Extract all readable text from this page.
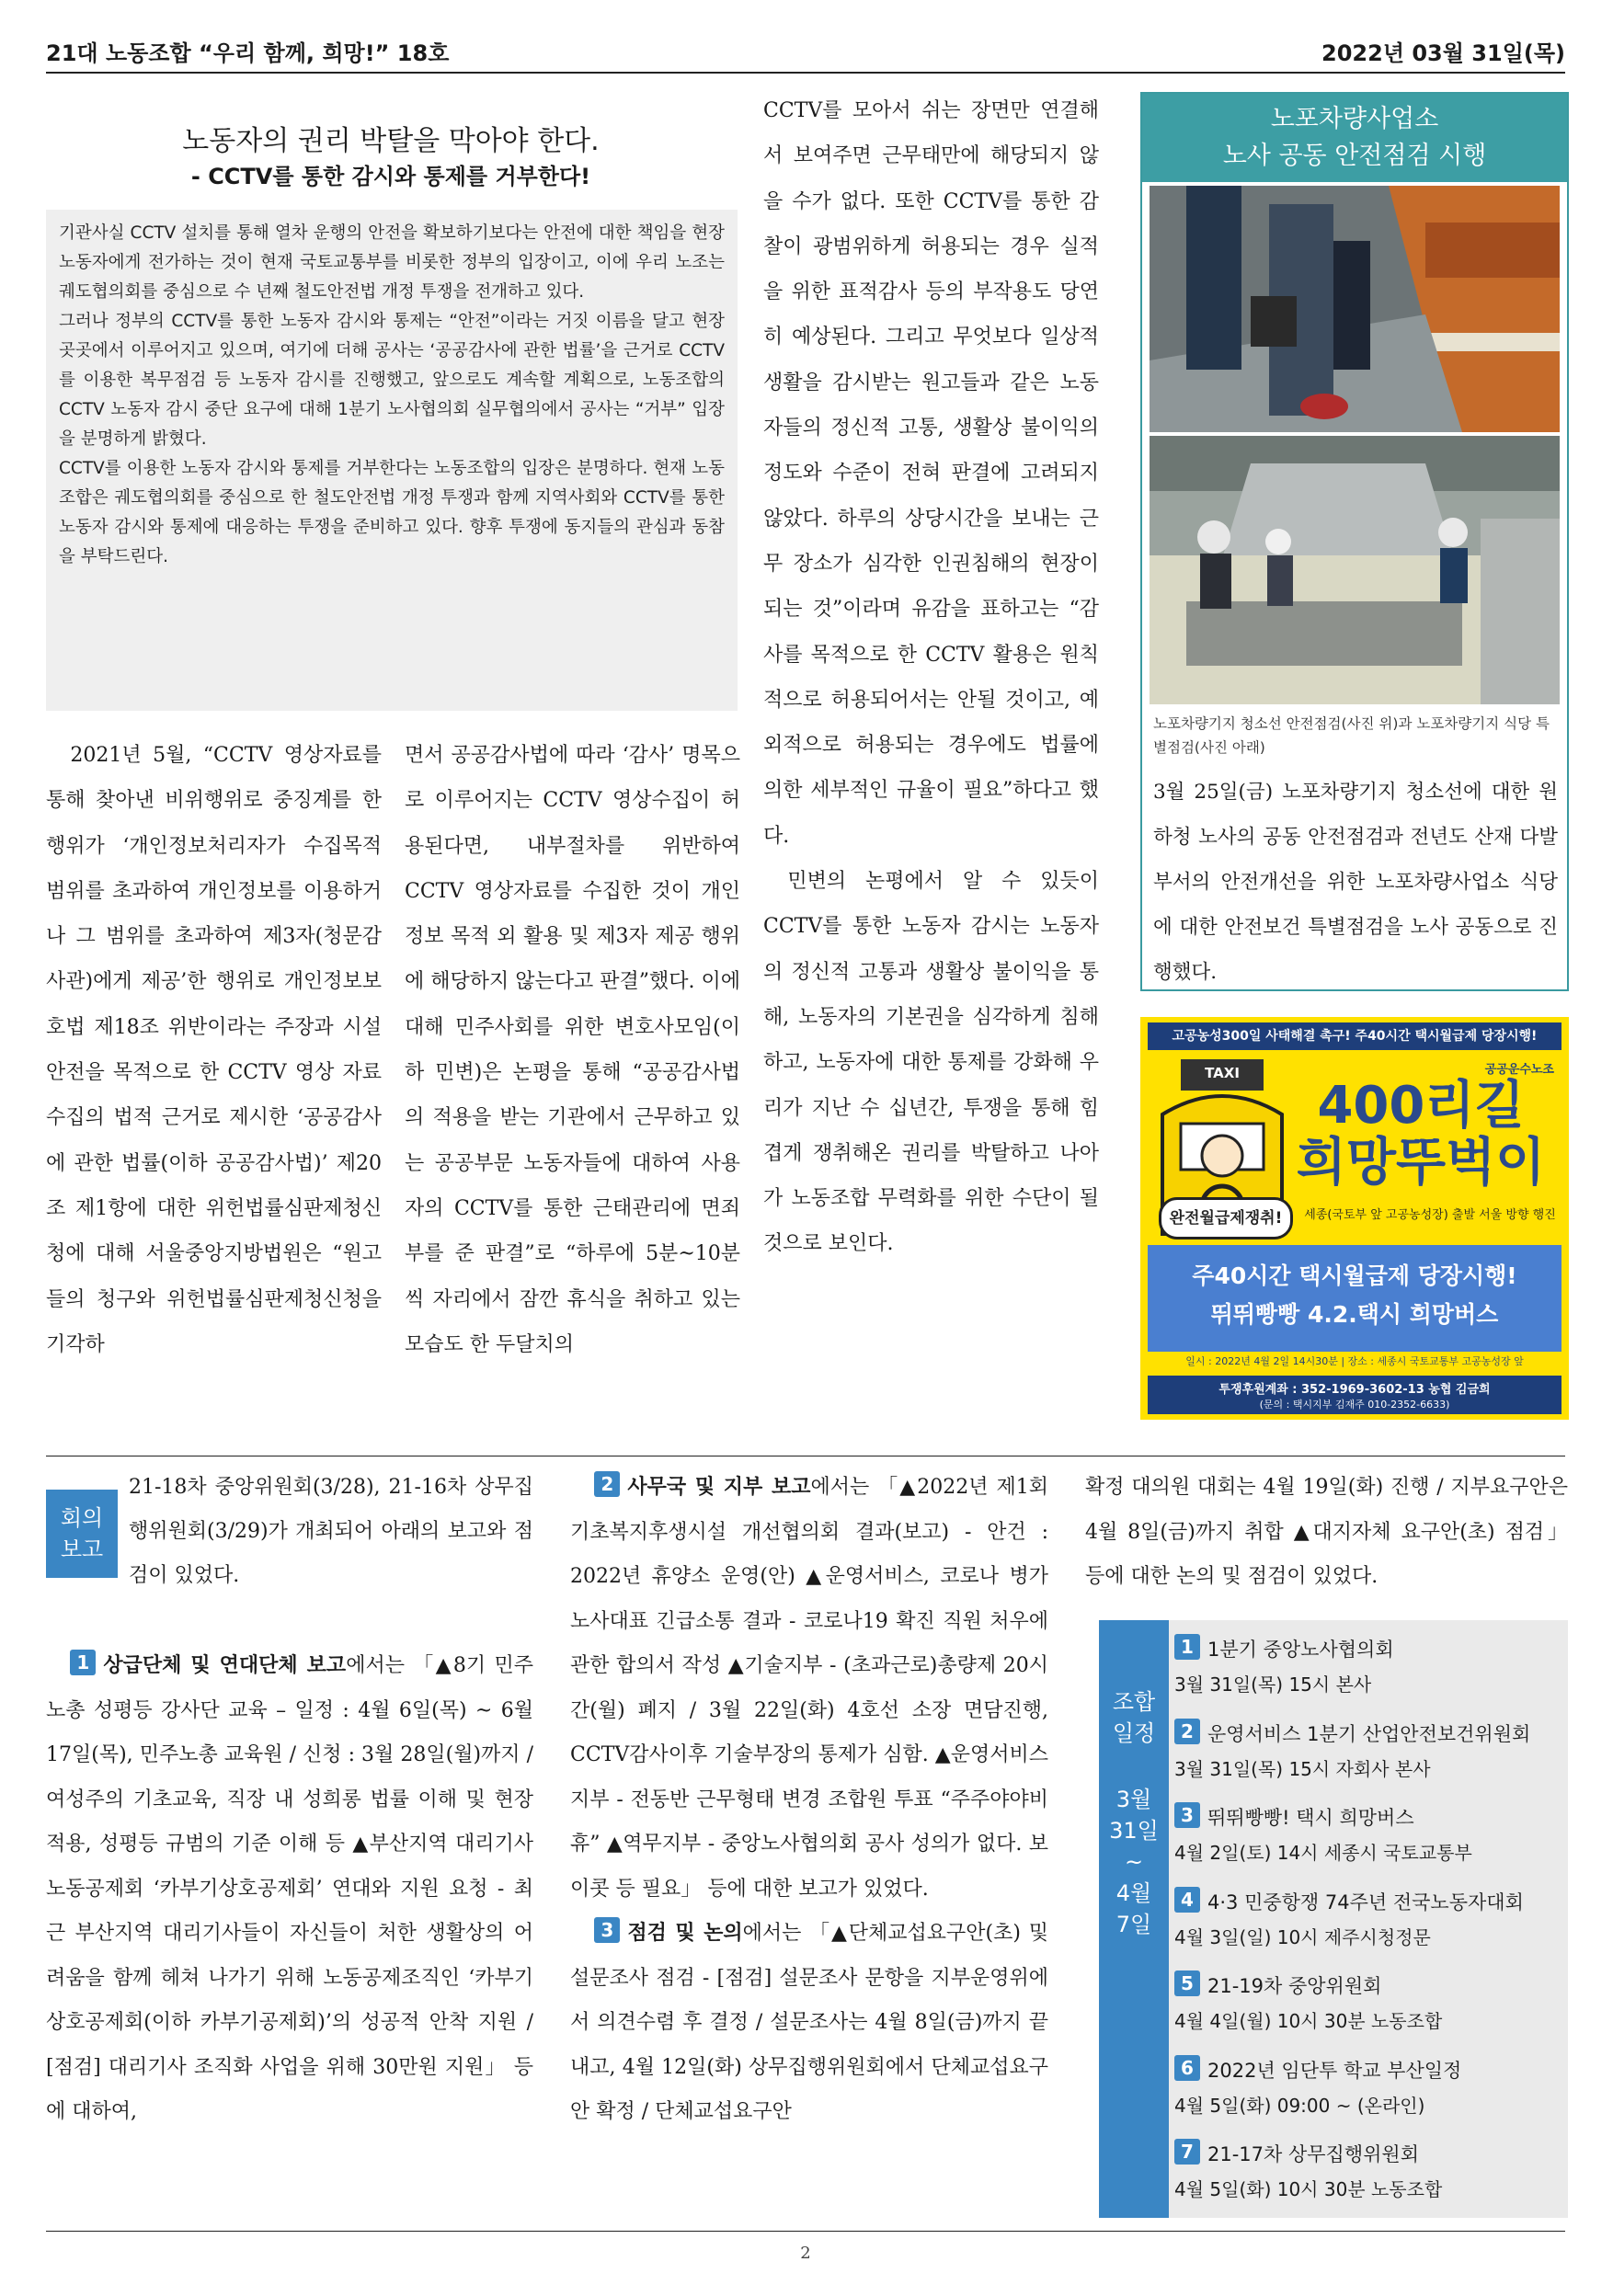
21대 노동조합 “우리 함께, 희망!” 18호	2022년 03월 31일(목)
노동자의 권리 박탈을 막아야 한다.
- CCTV를 통한 감시와 통제를 거부한다!

기관사실 CCTV 설치를 통해 열차 운행의 안전을 확보하기보다는 안전에 대한 책임을 현장 노동자에게 전가하는 것이 현재 국토교통부를 비롯한 정부의 입장이고, 이에 우리 노조는 궤도협의회를 중심으로 수 년째 철도안전법 개정 투쟁을 전개하고 있다.

그러나 정부의 CCTV를 통한 노동자 감시와 통제는 “안전”이라는 거짓 이름을 달고 현장 곳곳에서 이루어지고 있으며, 여기에 더해 공사는 ‘공공감사에 관한 법률’을 근거로 CCTV를 이용한 복무점검 등 노동자 감시를 진행했고, 앞으로도 계속할 계획으로, 노동조합의 CCTV 노동자 감시 중단 요구에 대해 1분기 노사협의회 실무협의에서 공사는 “거부” 입장을 분명하게 밝혔다.

CCTV를 이용한 노동자 감시와 통제를 거부한다는 노동조합의 입장은 분명하다. 현재 노동조합은 궤도협의회를 중심으로 한 철도안전법 개정 투쟁과 함께 지역사회와 CCTV를 통한 노동자 감시와 통제에 대응하는 투쟁을 준비하고 있다. 향후 투쟁에 동지들의 관심과 동참을 부탁드린다.

2021년 5월, “CCTV 영상자료를 통해 찾아낸 비위행위로 중징계를 한 행위가 ‘개인정보처리자가 수집목적 범위를 초과하여 개인정보를 이용하거나 그 범위를 초과하여 제3자(청문감사관)에게 제공’한 행위로 개인정보보호법 제18조 위반이라는 주장과 시설안전을 목적으로 한 CCTV 영상 자료 수집의 법적 근거로 제시한 ‘공공감사에 관한 법률(이하 공공감사법)’ 제20조 제1항에 대한 위헌법률심판제청신청에 대해 서울중앙지방법원은 “원고들의 청구와 위헌법률심판제청신청을 기각하

면서 공공감사법에 따라 ‘감사’ 명목으로 이루어지는 CCTV 영상수집이 허용된다면, 내부절차를 위반하여 CCTV 영상자료를 수집한 것이 개인정보 목적 외 활용 및 제3자 제공 행위에 해당하지 않는다고 판결”했다. 이에 대해 민주사회를 위한 변호사모임(이하 민변)은 논평을 통해 “공공감사법의 적용을 받는 기관에서 근무하고 있는 공공부문 노동자들에 대하여 사용자의 CCTV를 통한 근태관리에 면죄부를 준 판결”로 “하루에 5분~10분씩 자리에서 잠깐 휴식을 취하고 있는 모습도 한 두달치의

CCTV를 모아서 쉬는 장면만 연결해서 보여주면 근무태만에 해당되지 않을 수가 없다. 또한 CCTV를 통한 감찰이 광범위하게 허용되는 경우 실적을 위한 표적감사 등의 부작용도 당연히 예상된다. 그리고 무엇보다 일상적 생활을 감시받는 원고들과 같은 노동자들의 정신적 고통, 생활상 불이익의 정도와 수준이 전혀 판결에 고려되지 않았다. 하루의 상당시간을 보내는 근무 장소가 심각한 인권침해의 현장이 되는 것”이라며 유감을 표하고는 “감사를 목적으로 한 CCTV 활용은 원칙적으로 허용되어서는 안될 것이고, 예외적으로 허용되는 경우에도 법률에 의한 세부적인 규율이 필요”하다고 했다.

민변의 논평에서 알 수 있듯이 CCTV를 통한 노동자 감시는 노동자의 정신적 고통과 생활상 불이익을 통해, 노동자의 기본권을 심각하게 침해하고, 노동자에 대한 통제를 강화해 우리가 지난 수 십년간, 투쟁을 통해 힘겹게 쟁취해온 권리를 박탈하고 나아가 노동조합 무력화를 위한 수단이 될 것으로 보인다.

노포차량사업소
노사 공동 안전점검 시행
노포차량기지 청소선 안전점검(사진 위)과 노포차량기지 식당 특별점검(사진 아래)
3월 25일(금) 노포차량기지 청소선에 대한 원하청 노사의 공동 안전점검과 전년도 산재 다발부서의 안전개선을 위한 노포차량사업소 식당에 대한 안전보건 특별점검을 노사 공동으로 진행했다.
고공농성300일 사태해결 촉구! 주40시간 택시월급제 당장시행!
TAXI	공공운수노조
400리길
희망뚜벅이
완전월급제쟁취!	세종(국토부 앞 고공농성장) 출발 서울 방향 행진
주40시간 택시월급제 당장시행!
뛰뛰빵빵 4.2.택시 희망버스
일시 : 2022년 4월 2일 14시30분 | 장소 : 세종시 국토교통부 고공농성장 앞
투쟁후원계좌 : 352-1969-3602-13 농협 김금희
(문의 : 택시지부 김재주 010-2352-6633)
회의
보고
21-18차 중앙위원회(3/28), 21-16차 상무집행위원회(3/29)가 개최되어 아래의 보고와 점검이 있었다.

1 상급단체 및 연대단체 보고에서는 「▲8기 민주노총 성평등 강사단 교육 – 일정 : 4월 6일(목) ~ 6월 17일(목), 민주노총 교육원 / 신청 : 3월 28일(월)까지 / 여성주의 기초교육, 직장 내 성희롱 법률 이해 및 현장 적용, 성평등 규범의 기준 이해 등 ▲부산지역 대리기사 노동공제회 ‘카부기상호공제회’ 연대와 지원 요청 - 최근 부산지역 대리기사들이 자신들이 처한 생활상의 어려움을 함께 헤쳐 나가기 위해 노동공제조직인 ‘카부기상호공제회(이하 카부기공제회)’의 성공적 안착 지원 / [점검] 대리기사 조직화 사업을 위해 30만원 지원」 등에 대하여,

2 사무국 및 지부 보고에서는 「▲2022년 제1회 기초복지후생시설 개선협의회 결과(보고) - 안건 : 2022년 휴양소 운영(안) ▲운영서비스, 코로나 병가 노사대표 긴급소통 결과 - 코로나19 확진 직원 처우에 관한 합의서 작성 ▲기술지부 - (초과근로)총량제 20시간(월) 폐지 / 3월 22일(화) 4호선 소장 면담진행, CCTV감사이후 기술부장의 통제가 심함. ▲운영서비스지부 - 전동반 근무형태 변경 조합원 투표 “주주야야비휴” ▲역무지부 - 중앙노사협의회 공사 성의가 없다. 보이콧 등 필요」 등에 대한 보고가 있었다.

3 점검 및 논의에서는 「▲단체교섭요구안(초) 및 설문조사 점검 - [점검] 설문조사 문항을 지부운영위에서 의견수렴 후 결정 / 설문조사는 4월 8일(금)까지 끝내고, 4월 12일(화) 상무집행위원회에서 단체교섭요구안 확정 / 단체교섭요구안

확정 대의원 대회는 4월 19일(화) 진행 / 지부요구안은 4월 8일(금)까지 취합 ▲대지자체 요구안(초) 점검」 등에 대한 논의 및 점검이 있었다.
조합
일정
3월
31일
~
4월
7일
1 1분기 중앙노사협의회
3월 31일(목) 15시 본사
2 운영서비스 1분기 산업안전보건위원회
3월 31일(목) 15시 자회사 본사
3 뛰뛰빵빵! 택시 희망버스
4월 2일(토) 14시 세종시 국토교통부
4 4·3 민중항쟁 74주년 전국노동자대회
4월 3일(일) 10시 제주시청정문
5 21-19차 중앙위원회
4월 4일(월) 10시 30분 노동조합
6 2022년 임단투 학교 부산일정
4월 5일(화) 09:00 ~ (온라인)
7 21-17차 상무집행위원회
4월 5일(화) 10시 30분 노동조합
2
